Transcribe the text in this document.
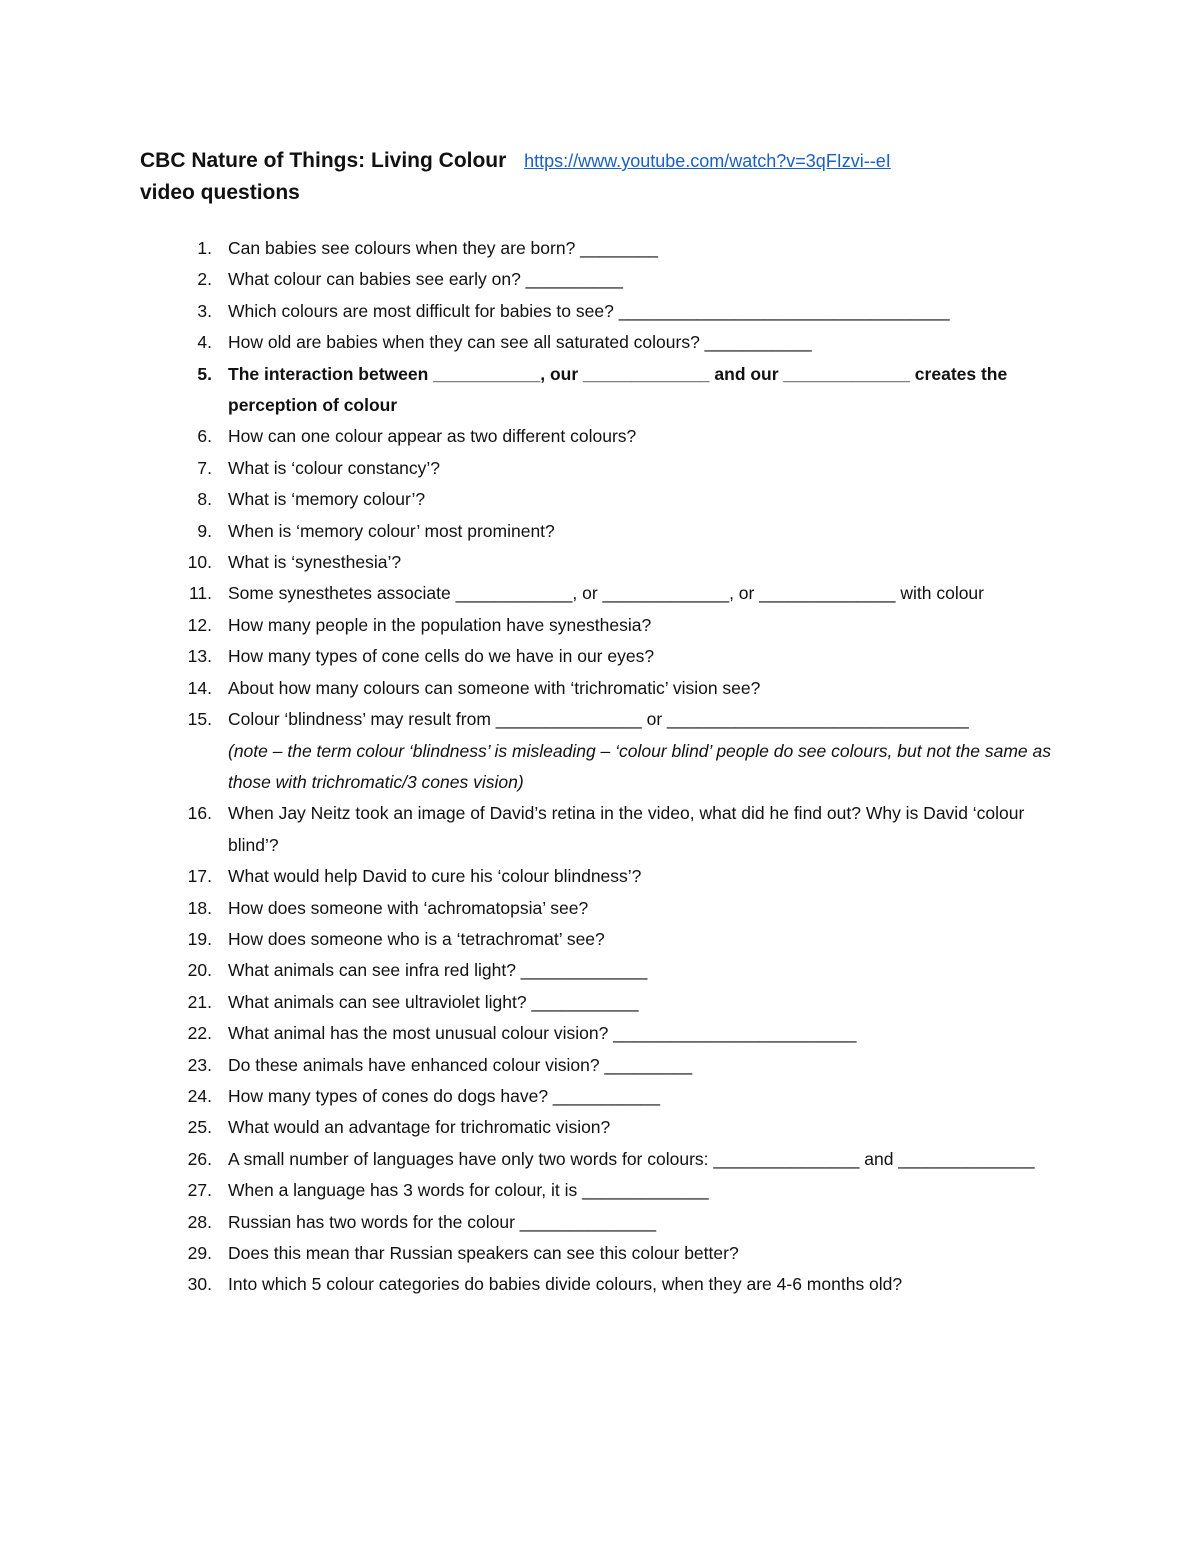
CBC Nature of Things: Living Colour https://www.youtube.com/watch?v=3qFIzvi--eI
video questions
1. Can babies see colours when they are born? ________
2. What colour can babies see early on? __________
3. Which colours are most difficult for babies to see? __________________________________
4. How old are babies when they can see all saturated colours? ___________
5. The interaction between ___________, our _____________ and our _____________ creates the perception of colour
6. How can one colour appear as two different colours?
7. What is ‘colour constancy’?
8. What is ‘memory colour’?
9. When is ‘memory colour’ most prominent?
10. What is ‘synesthesia’?
11. Some synesthetes associate ____________, or _____________, or ______________ with colour
12. How many people in the population have synesthesia?
13. How many types of cone cells do we have in our eyes?
14. About how many colours can someone with ‘trichromatic’ vision see?
15. Colour ‘blindness’ may result from _______________ or _______________________________
(note – the term colour ‘blindness’ is misleading – ‘colour blind’ people do see colours, but not the same as those with trichromatic/3 cones vision)
16. When Jay Neitz took an image of David’s retina in the video, what did he find out? Why is David ‘colour blind’?
17. What would help David to cure his ‘colour blindness’?
18. How does someone with ‘achromatopsia’ see?
19. How does someone who is a ‘tetrachromat’ see?
20. What animals can see infra red light? _____________
21. What animals can see ultraviolet light? ___________
22. What animal has the most unusual colour vision? _________________________
23. Do these animals have enhanced colour vision? _________
24. How many types of cones do dogs have? ___________
25. What would an advantage for trichromatic vision?
26. A small number of languages have only two words for colours: _______________ and ______________
27. When a language has 3 words for colour, it is _____________
28. Russian has two words for the colour ______________
29. Does this mean thar Russian speakers can see this colour better?
30. Into which 5 colour categories do babies divide colours, when they are 4-6 months old?
